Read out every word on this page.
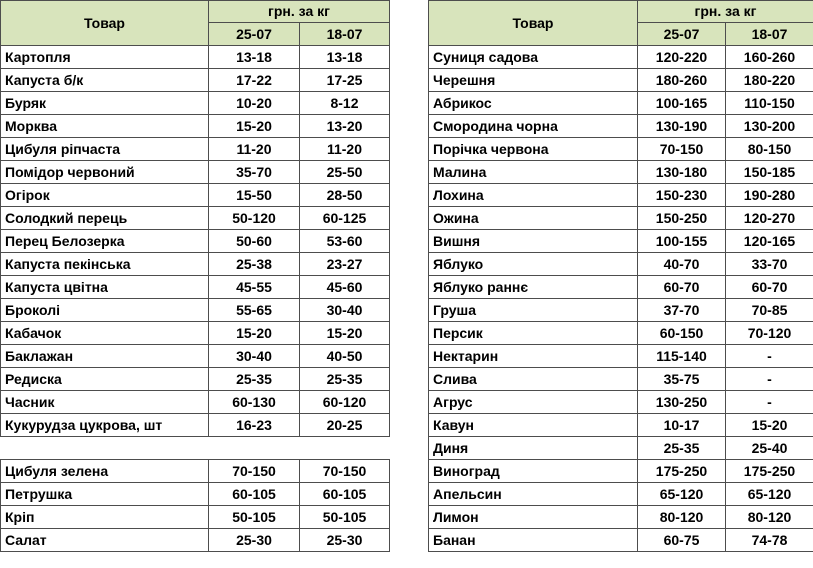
Товар	грн. за кг	
	25-07	18-07
Картопля	13-18	13-18
Капуста б/к	17-22	17-25
Буряк	10-20	8-12
Морква	15-20	13-20
Цибуля ріпчаста	11-20	11-20
Помідор червоний	35-70	25-50
Огірок	15-50	28-50
Солодкий перець	50-120	60-125
Перец Белозерка	50-60	53-60
Капуста пекінська	25-38	23-27
Капуста цвітна	45-55	45-60
Броколі	55-65	30-40
Кабачок	15-20	15-20
Баклажан	30-40	40-50
Редиска	25-35	25-35
Часник	60-130	60-120
Кукурудза цукрова, шт	16-23	20-25

Цибуля зелена	70-150	70-150
Петрушка	60-105	60-105
Кріп	50-105	50-105
Салат	25-30	25-30
Товар	грн. за кг	
	25-07	18-07
Суниця садова	120-220	160-260
Черешня	180-260	180-220
Абрикос	100-165	110-150
Смородина чорна	130-190	130-200
Порічка червона	70-150	80-150
Малина	130-180	150-185
Лохина	150-230	190-280
Ожина	150-250	120-270
Вишня	100-155	120-165
Яблуко	40-70	33-70
Яблуко раннє	60-70	60-70
Груша	37-70	70-85
Персик	60-150	70-120
Нектарин	115-140	-
Слива	35-75	-
Агрус	130-250	-
Кавун	10-17	15-20
Диня	25-35	25-40
Виноград	175-250	175-250
Апельсин	65-120	65-120
Лимон	80-120	80-120
Банан	60-75	74-78
